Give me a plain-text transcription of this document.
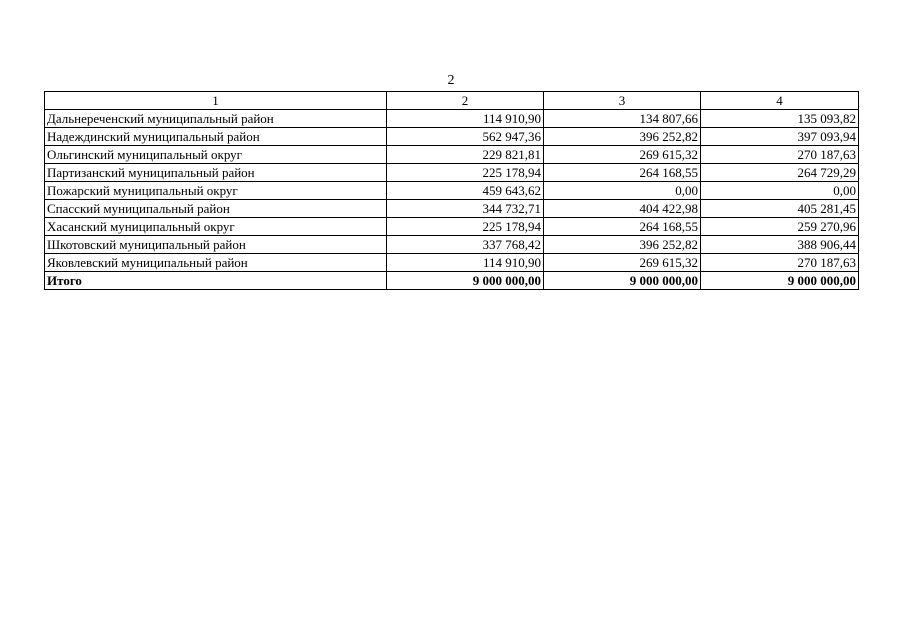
2
1	2	3	4
Дальнереченский муниципальный район	114 910,90	134 807,66	135 093,82
Надеждинский муниципальный район	562 947,36	396 252,82	397 093,94
Ольгинский муниципальный округ	229 821,81	269 615,32	270 187,63
Партизанский муниципальный район	225 178,94	264 168,55	264 729,29
Пожарский муниципальный округ	459 643,62	0,00	0,00
Спасский муниципальный район	344 732,71	404 422,98	405 281,45
Хасанский муниципальный округ	225 178,94	264 168,55	259 270,96
Шкотовский муниципальный район	337 768,42	396 252,82	388 906,44
Яковлевский муниципальный район	114 910,90	269 615,32	270 187,63
Итого	9 000 000,00	9 000 000,00	9 000 000,00
